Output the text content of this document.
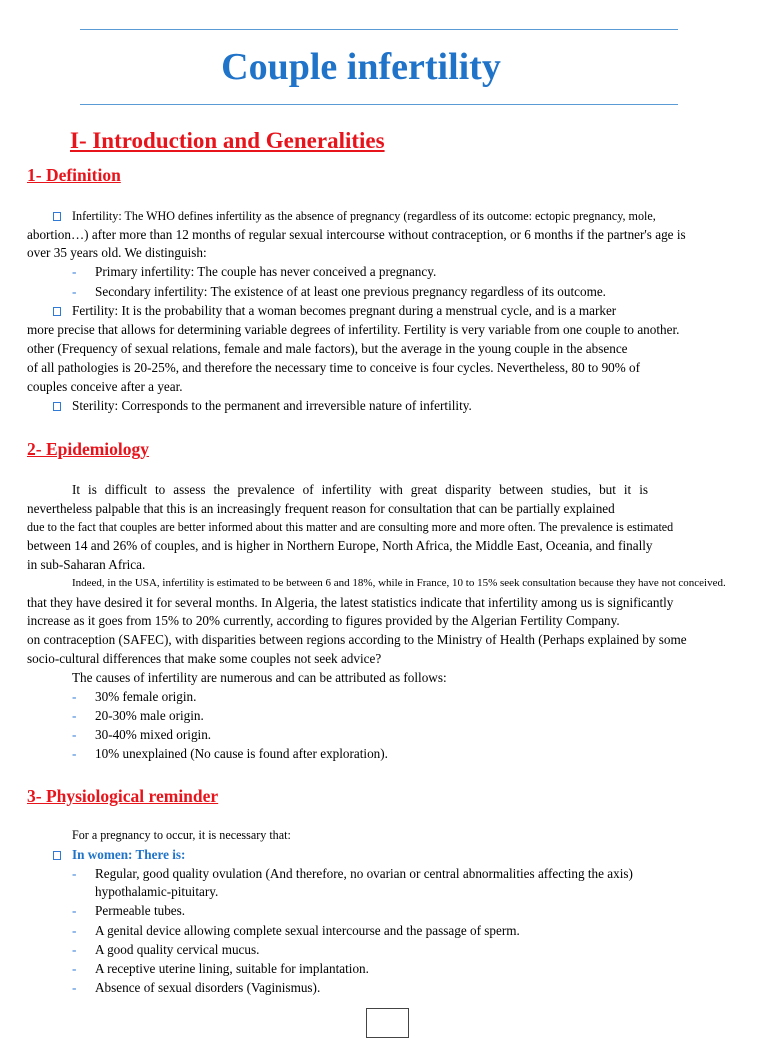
Couple infertility
I- Introduction and Generalities
1- Definition
Infertility: The WHO defines infertility as the absence of pregnancy (regardless of its outcome: ectopic pregnancy, mole,
abortion…) after more than 12 months of regular sexual intercourse without contraception, or 6 months if the partner's age is
over 35 years old. We distinguish:
- Primary infertility: The couple has never conceived a pregnancy.
- Secondary infertility: The existence of at least one previous pregnancy regardless of its outcome.
Fertility: It is the probability that a woman becomes pregnant during a menstrual cycle, and is a marker
more precise that allows for determining variable degrees of infertility. Fertility is very variable from one couple to another.
other (Frequency of sexual relations, female and male factors), but the average in the young couple in the absence
of all pathologies is 20-25%, and therefore the necessary time to conceive is four cycles. Nevertheless, 80 to 90% of
couples conceive after a year.
Sterility: Corresponds to the permanent and irreversible nature of infertility.
2- Epidemiology
It is difficult to assess the prevalence of infertility with great disparity between studies, but it is
nevertheless palpable that this is an increasingly frequent reason for consultation that can be partially explained
due to the fact that couples are better informed about this matter and are consulting more and more often. The prevalence is estimated
between 14 and 26% of couples, and is higher in Northern Europe, North Africa, the Middle East, Oceania, and finally
in sub-Saharan Africa.
Indeed, in the USA, infertility is estimated to be between 6 and 18%, while in France, 10 to 15% seek consultation because they have not conceived.
that they have desired it for several months. In Algeria, the latest statistics indicate that infertility among us is significantly
increase as it goes from 15% to 20% currently, according to figures provided by the Algerian Fertility Company.
on contraception (SAFEC), with disparities between regions according to the Ministry of Health (Perhaps explained by some
socio-cultural differences that make some couples not seek advice?
The causes of infertility are numerous and can be attributed as follows:
- 30% female origin.
- 20-30% male origin.
- 30-40% mixed origin.
- 10% unexplained (No cause is found after exploration).
3- Physiological reminder
For a pregnancy to occur, it is necessary that:
In women: There is:
- Regular, good quality ovulation (And therefore, no ovarian or central abnormalities affecting the axis)
hypothalamic-pituitary.
- Permeable tubes.
- A genital device allowing complete sexual intercourse and the passage of sperm.
- A good quality cervical mucus.
- A receptive uterine lining, suitable for implantation.
- Absence of sexual disorders (Vaginismus).
